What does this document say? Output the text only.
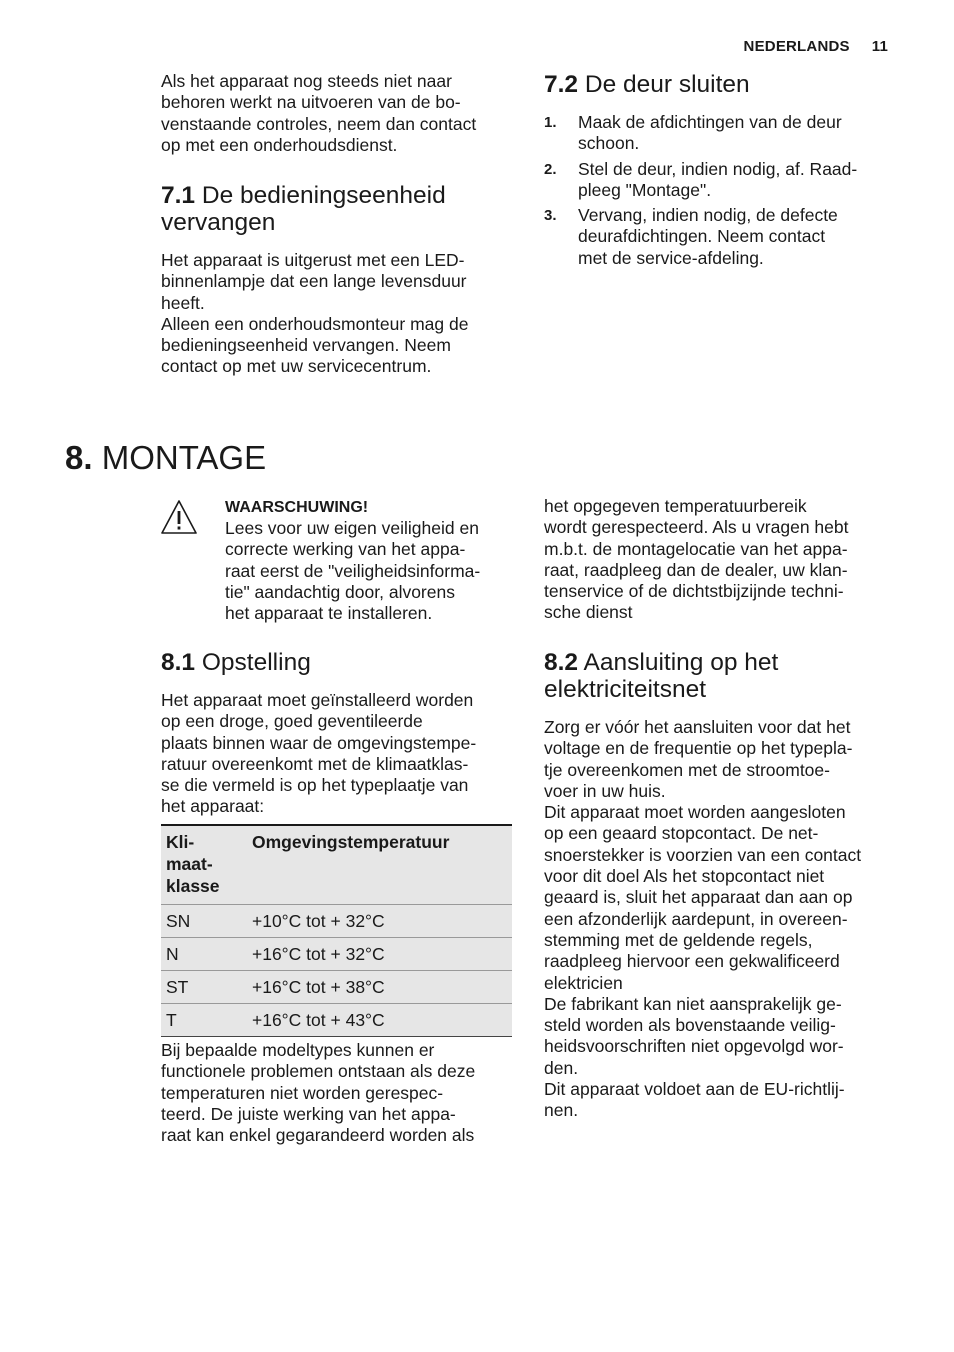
NEDERLANDS 11
Als het apparaat nog steeds niet naar
behoren werkt na uitvoeren van de bo-
venstaande controles, neem dan contact
op met een onderhoudsdienst.
7.1 De bedieningseenheid
vervangen
Het apparaat is uitgerust met een LED-
binnenlampje dat een lange levensduur
heeft.
Alleen een onderhoudsmonteur mag de
bedieningseenheid vervangen. Neem
contact op met uw servicecentrum.
7.2 De deur sluiten
1. Maak de afdichtingen van de deur
schoon.
2. Stel de deur, indien nodig, af. Raad-
pleeg "Montage".
3. Vervang, indien nodig, de defecte
deurafdichtingen. Neem contact
met de service-afdeling.
8. MONTAGE
WAARSCHUWING!
Lees voor uw eigen veiligheid en
correcte werking van het appa-
raat eerst de "veiligheidsinforma-
tie" aandachtig door, alvorens
het apparaat te installeren.
8.1 Opstelling
Het apparaat moet geïnstalleerd worden
op een droge, goed geventileerde
plaats binnen waar de omgevingstempe-
ratuur overeenkomt met de klimaatklas-
se die vermeld is op het typeplaatje van
het apparaat:
Kli-
maat-
klasse	Omgevingstemperatuur
SN	+10°C tot + 32°C
N	+16°C tot + 32°C
ST	+16°C tot + 38°C
T	+16°C tot + 43°C
Bij bepaalde modeltypes kunnen er
functionele problemen ontstaan als deze
temperaturen niet worden gerespec-
teerd. De juiste werking van het appa-
raat kan enkel gegarandeerd worden als
het opgegeven temperatuurbereik
wordt gerespecteerd. Als u vragen hebt
m.b.t. de montagelocatie van het appa-
raat, raadpleeg dan de dealer, uw klan-
tenservice of de dichtstbijzijnde techni-
sche dienst
8.2 Aansluiting op het
elektriciteitsnet
Zorg er vóór het aansluiten voor dat het
voltage en de frequentie op het typepla-
tje overeenkomen met de stroomtoe-
voer in uw huis.
Dit apparaat moet worden aangesloten
op een geaard stopcontact. De net-
snoerstekker is voorzien van een contact
voor dit doel Als het stopcontact niet
geaard is, sluit het apparaat dan aan op
een afzonderlijk aardepunt, in overeen-
stemming met de geldende regels,
raadpleeg hiervoor een gekwalificeerd
elektricien
De fabrikant kan niet aansprakelijk ge-
steld worden als bovenstaande veilig-
heidsvoorschriften niet opgevolgd wor-
den.
Dit apparaat voldoet aan de EU-richtlij-
nen.
